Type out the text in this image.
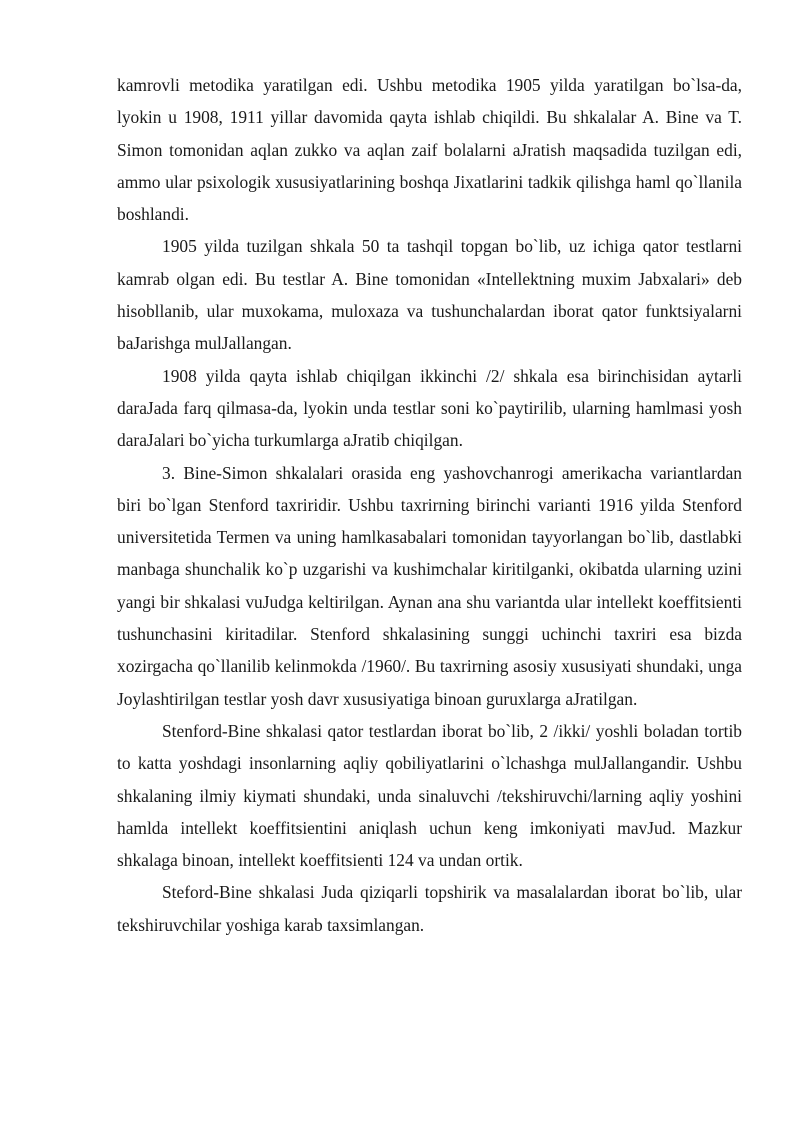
kamrovli metodika yaratilgan edi. Ushbu metodika 1905 yilda yaratilgan bo`lsa-da, lyokin u 1908, 1911 yillar davomida qayta ishlab chiqildi. Bu shkalalar A. Bine va T. Simon tomonidan aqlan zukko va aqlan zaif bolalarni aJratish maqsadida tuzilgan edi, ammo ular psixologik xususiyatlarining boshqa Jixatlarini tadkik qilishga haml qo`llanila boshlandi.

1905 yilda tuzilgan shkala 50 ta tashqil topgan bo`lib, uz ichiga qator testlarni kamrab olgan edi. Bu testlar A. Bine tomonidan «Intellektning muxim Jabxalari» deb hisobllanib, ular muxokama, muloxaza va tushunchalardan iborat qator funktsiyalarni baJarishga mulJallangan.

1908 yilda qayta ishlab chiqilgan ikkinchi /2/ shkala esa birinchisidan aytarli daraJada farq qilmasa-da, lyokin unda testlar soni ko`paytirilib, ularning hamlmasi yosh daraJalari bo`yicha turkumlarga aJratib chiqilgan.

3. Bine-Simon shkalalari orasida eng yashovchanrogi amerikacha variantlardan biri bo`lgan Stenford taxriridir. Ushbu taxrirning birinchi varianti 1916 yilda Stenford universitetida Termen va uning hamlkasabalari tomonidan tayyorlangan bo`lib, dastlabki manbaga shunchalik ko`p uzgarishi va kushimchalar kiritilganki, okibatda ularning uzini yangi bir shkalasi vuJudga keltirilgan. Aynan ana shu variantda ular intellekt koeffitsienti tushunchasini kiritadilar. Stenford shkalasining sunggi uchinchi taxriri esa bizda xozirgacha qo`llanilib kelinmokda /1960/. Bu taxrirning asosiy xususiyati shundaki, unga Joylashtirilgan testlar yosh davr xususiyatiga binoan guruxlarga aJratilgan.

Stenford-Bine shkalasi qator testlardan iborat bo`lib, 2 /ikki/ yoshli boladan tortib to katta yoshdagi insonlarning aqliy qobiliyatlarini o`lchashga mulJallangandir. Ushbu shkalaning ilmiy kiymati shundaki, unda sinaluvchi /tekshiruvchi/larning aqliy yoshini hamlda intellekt koeffitsientini aniqlash uchun keng imkoniyati mavJud. Mazkur shkalaga binoan, intellekt koeffitsienti 124 va undan ortik.

Steford-Bine shkalasi Juda qiziqarli topshirik va masalalardan iborat bo`lib, ular tekshiruvchilar yoshiga karab taxsimlangan.
